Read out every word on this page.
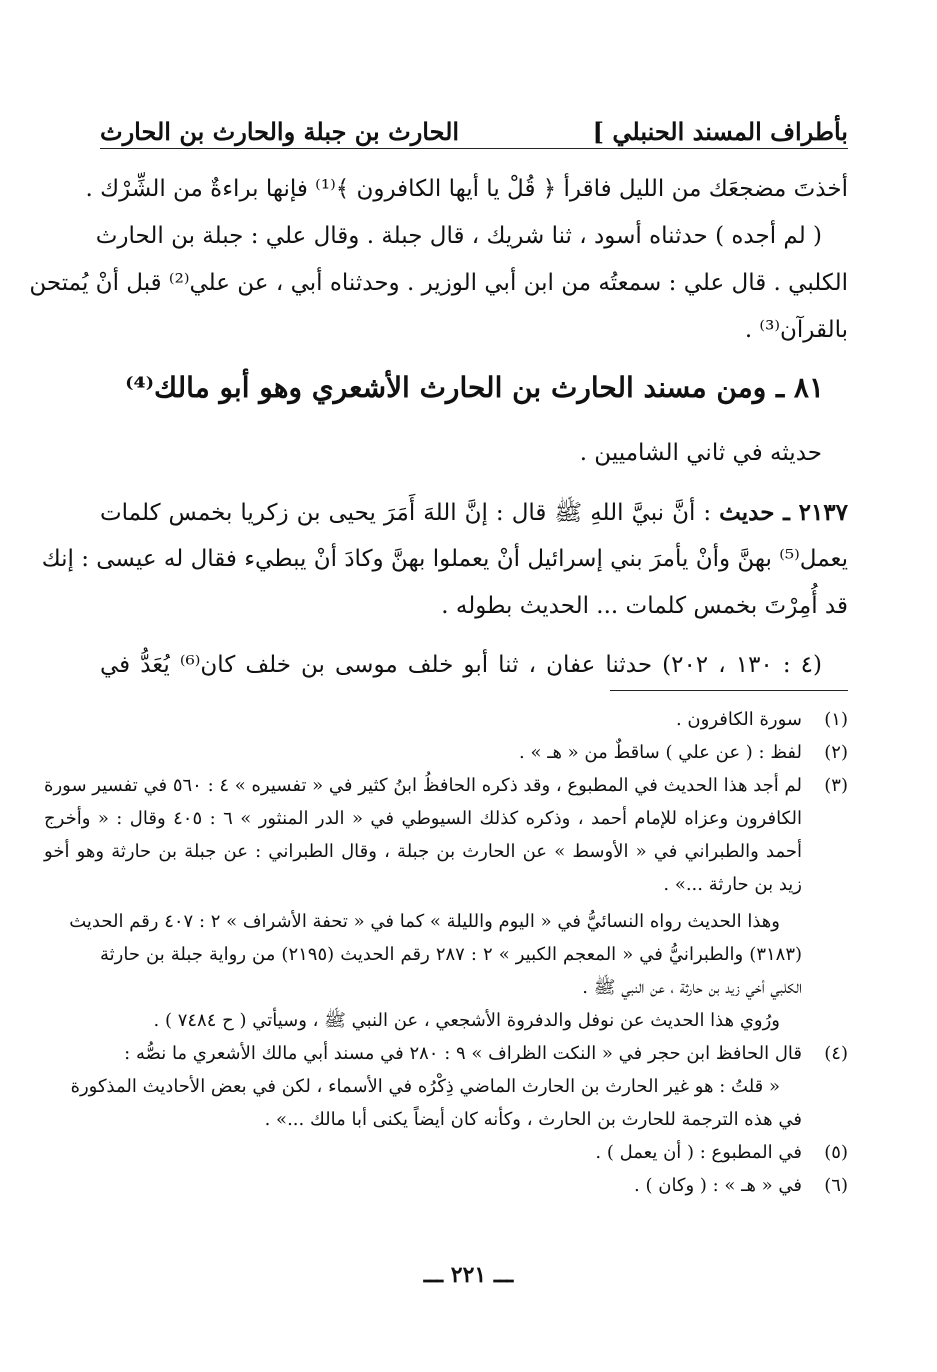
بأطراف المسند الحنبلي ]
الحارث بن جبلة والحارث بن الحارث
أخذتَ مضجعَك من الليل فاقرأ ﴿ قُلْ يا أيها الكافرون ﴾⁽¹⁾ فإنها براءةٌ من الشِّرْك .
( لم أجده ) حدثناه أسود ، ثنا شريك ، قال جبلة . وقال علي : جبلة بن الحارث
الكلبي . قال علي : سمعتُه من ابن أبي الوزير . وحدثناه أبي ، عن علي⁽²⁾ قبل أنْ يُمتحن
بالقرآن⁽³⁾ .
٨١ ـ ومن مسند الحارث بن الحارث الأشعري وهو أبو مالك⁽⁴⁾
حديثه في ثاني الشاميين .
٢١٣٧ ـ حديث : أنَّ نبيَّ اللهِ ﷺ قال : إنَّ اللهَ أَمَرَ يحيى بن زكريا بخمس كلمات
يعمل⁽⁵⁾ بهنَّ وأنْ يأمرَ بني إسرائيل أنْ يعملوا بهنَّ وكادَ أنْ يبطيء فقال له عيسى : إنك
قد أُمِرْتَ بخمس كلمات ... الحديث بطوله .
(٤ : ١٣٠ ، ٢٠٢) حدثنا عفان ، ثنا أبو خلف موسى بن خلف كان⁽⁶⁾ يُعَدُّ في
(١)
سورة الكافرون .
(٢)
لفظ : ( عن علي ) ساقطٌ من « هـ » .
(٣)
لم أجد هذا الحديث في المطبوع ، وقد ذكره الحافظُ ابنُ كثير في « تفسيره » ٤ : ٥٦٠ في تفسير سورة
الكافرون وعزاه للإمام أحمد ، وذكره كذلك السيوطي في « الدر المنثور » ٦ : ٤٠٥ وقال : « وأخرج
أحمد والطبراني في « الأوسط » عن الحارث بن جبلة ، وقال الطبراني : عن جبلة بن حارثة وهو أخو
زيد بن حارثة ...» .
وهذا الحديث رواه النسائيُّ في « اليوم والليلة » كما في « تحفة الأشراف » ٢ : ٤٠٧ رقم الحديث
(٣١٨٣) والطبرانيُّ في « المعجم الكبير » ٢ : ٢٨٧ رقم الحديث (٢١٩٥) من رواية جبلة بن حارثة
الكلبي أخي زيد بن حارثة ، عن النبي ﷺ .
ورُوي هذا الحديث عن نوفل والدفروة الأشجعي ، عن النبي ﷺ ، وسيأتي ( ح ٧٤٨٤ ) .
(٤)
قال الحافظ ابن حجر في « النكت الظراف » ٩ : ٢٨٠ في مسند أبي مالك الأشعري ما نصُّه :
« قلتُ : هو غير الحارث بن الحارث الماضي ذِكْرُه في الأسماء ، لكن في بعض الأحاديث المذكورة
في هذه الترجمة للحارث بن الحارث ، وكأنه كان أيضاً يكنى أبا مالك ...» .
(٥)
في المطبوع : ( أن يعمل ) .
(٦)
في « هـ » : ( وكان ) .
ـــ ٢٢١ ـــ
